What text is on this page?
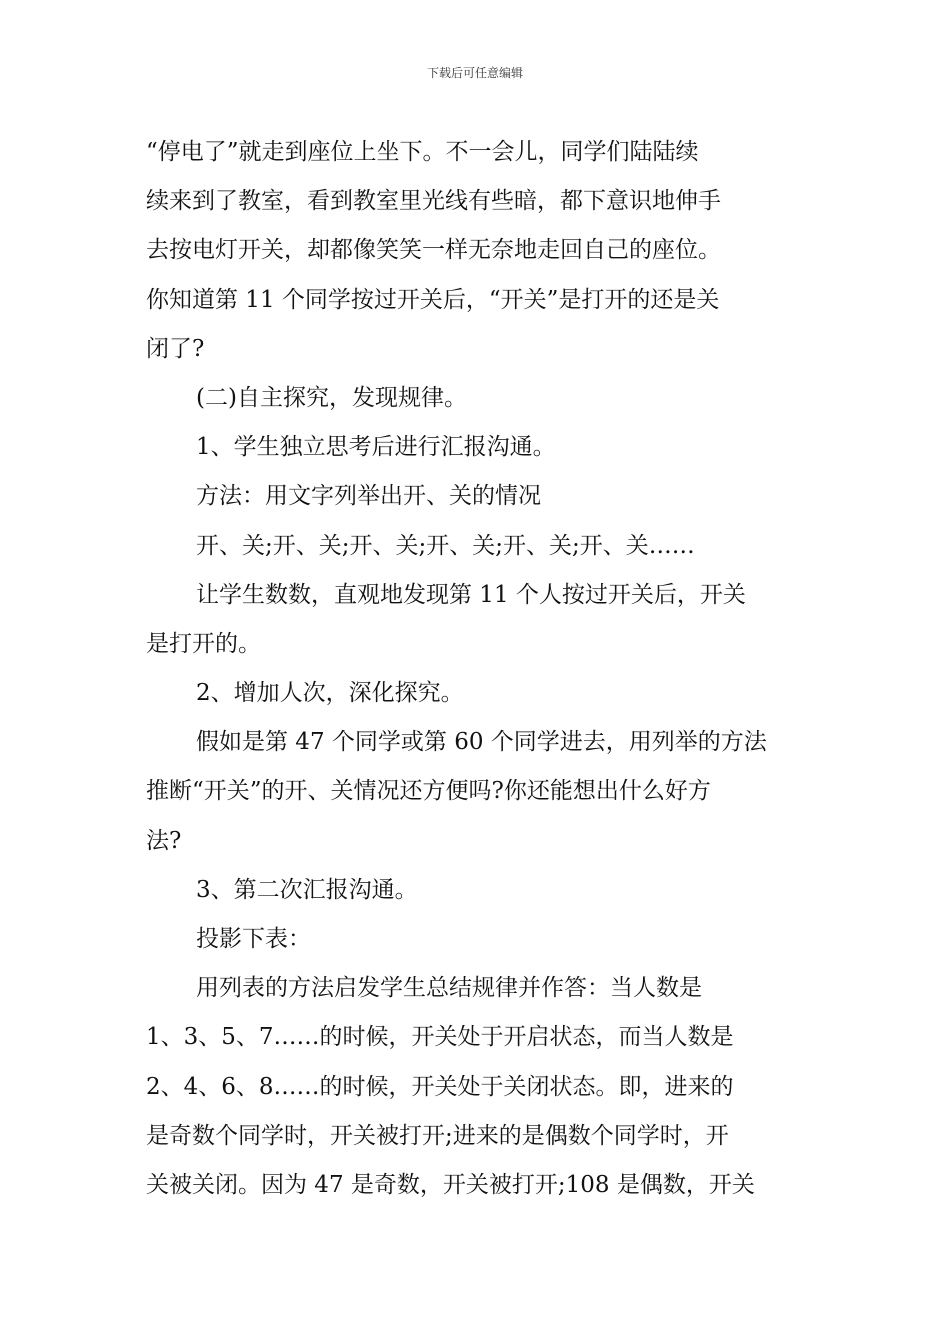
下载后可任意编辑
“停电了”就走到座位上坐下。不一会儿，同学们陆陆续
续来到了教室，看到教室里光线有些暗，都下意识地伸手
去按电灯开关，却都像笑笑一样无奈地走回自己的座位。
你知道第 11 个同学按过开关后，“开关”是打开的还是关
闭了?
(二)自主探究，发现规律。
1、学生独立思考后进行汇报沟通。
方法：用文字列举出开、关的情况
开、关;开、关;开、关;开、关;开、关;开、关……
让学生数数，直观地发现第 11 个人按过开关后，开关
是打开的。
2、增加人次，深化探究。
假如是第 47 个同学或第 60 个同学进去，用列举的方法
推断“开关”的开、关情况还方便吗?你还能想出什么好方
法?
3、第二次汇报沟通。
投影下表：
用列表的方法启发学生总结规律并作答：当人数是
1、3、5、7……的时候，开关处于开启状态，而当人数是
2、4、6、8……的时候，开关处于关闭状态。即，进来的
是奇数个同学时，开关被打开;进来的是偶数个同学时，开
关被关闭。因为 47 是奇数，开关被打开;108 是偶数，开关
